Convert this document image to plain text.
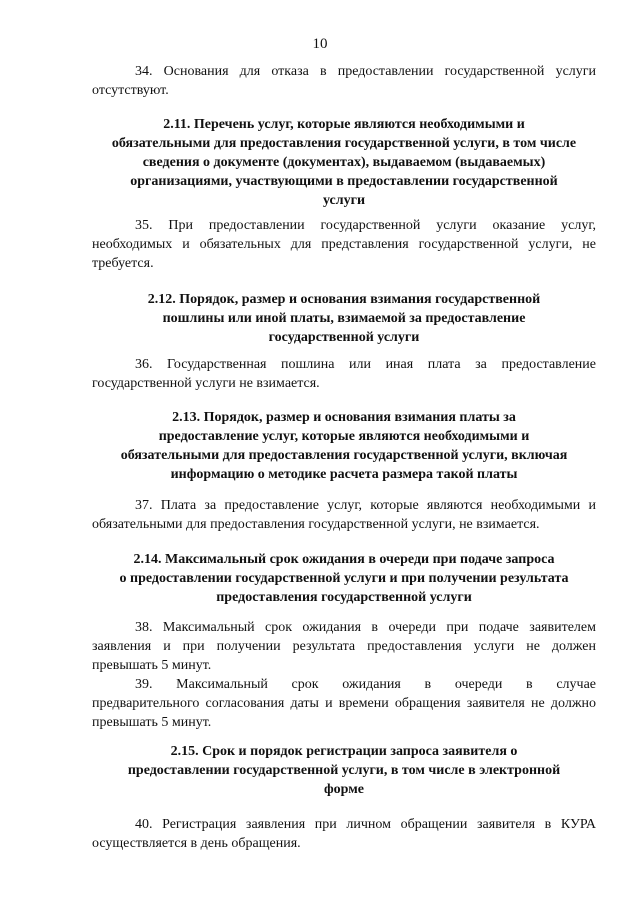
10

34. Основания для отказа в предоставлении государственной услуги отсутствуют.

2.11. Перечень услуг, которые являются необходимыми и
обязательными для предоставления государственной услуги, в том числе
сведения о документе (документах), выдаваемом (выдаваемых)
организациями, участвующими в предоставлении государственной
услуги

35. При предоставлении государственной услуги оказание услуг, необходимых и обязательных для представления государственной услуги, не требуется.

2.12. Порядок, размер и основания взимания государственной
пошлины или иной платы, взимаемой за предоставление
государственной услуги

36. Государственная пошлина или иная плата за предоставление государственной услуги не взимается.

2.13. Порядок, размер и основания взимания платы за
предоставление услуг, которые являются необходимыми и
обязательными для предоставления государственной услуги, включая
информацию о методике расчета размера такой платы

37. Плата за предоставление услуг, которые являются необходимыми и обязательными для предоставления государственной услуги, не взимается.

2.14. Максимальный срок ожидания в очереди при подаче запроса
о предоставлении государственной услуги и при получении результата
предоставления государственной услуги

38. Максимальный срок ожидания в очереди при подаче заявителем заявления и при получении результата предоставления услуги не должен превышать 5 минут.

39. Максимальный срок ожидания в очереди в случае

предварительного согласования даты и времени обращения заявителя не должно превышать 5 минут.

2.15. Срок и порядок регистрации запроса заявителя о
предоставлении государственной услуги, в том числе в электронной
форме

40. Регистрация заявления при личном обращении заявителя в КУРА осуществляется в день обращения.
